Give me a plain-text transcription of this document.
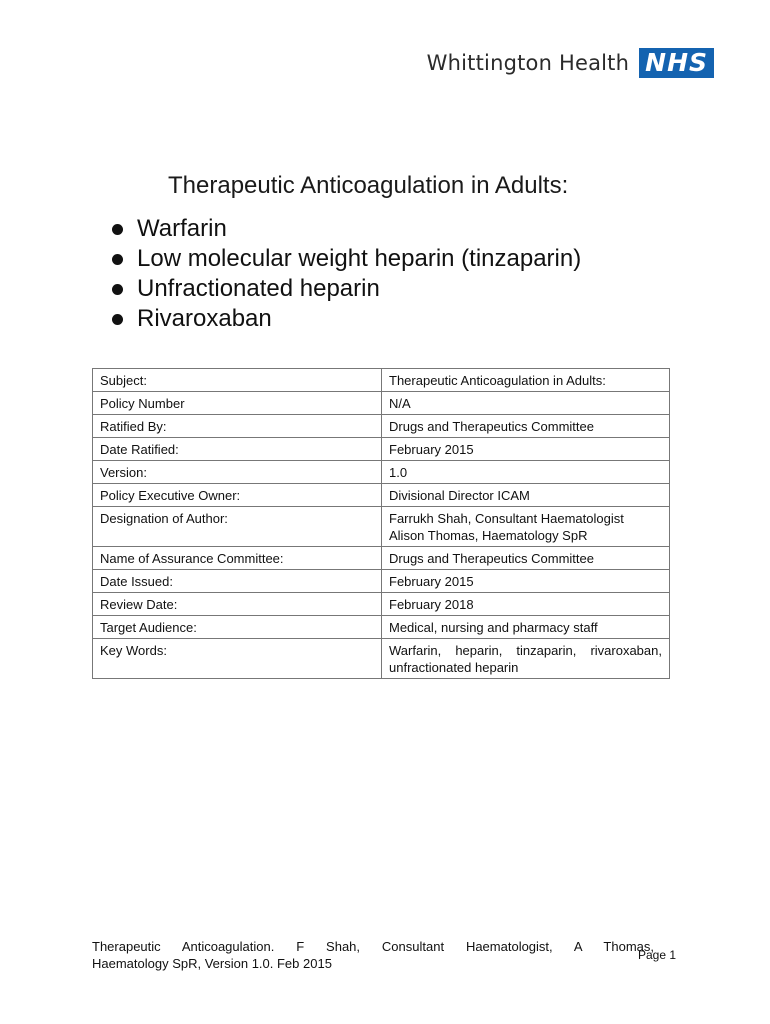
Whittington Health NHS
Therapeutic Anticoagulation in Adults:
Warfarin
Low molecular weight heparin (tinzaparin)
Unfractionated heparin
Rivaroxaban
Subject:	Therapeutic Anticoagulation in Adults:
Policy Number	N/A
Ratified By:	Drugs and Therapeutics Committee
Date Ratified:	February 2015
Version:	1.0
Policy Executive Owner:	Divisional Director ICAM
Designation of Author:	Farrukh Shah, Consultant Haematologist
Alison Thomas, Haematology SpR

Name of Assurance Committee:	Drugs and Therapeutics Committee
Date Issued:	February 2015
Review Date:	February 2018
Target Audience:	Medical, nursing and pharmacy staff
Key Words:	Warfarin, heparin, tinzaparin, rivaroxaban, unfractionated heparin
Therapeutic Anticoagulation. F Shah, Consultant Haematologist, A Thomas,
Haematology SpR, Version 1.0. Feb 2015
Page 1
